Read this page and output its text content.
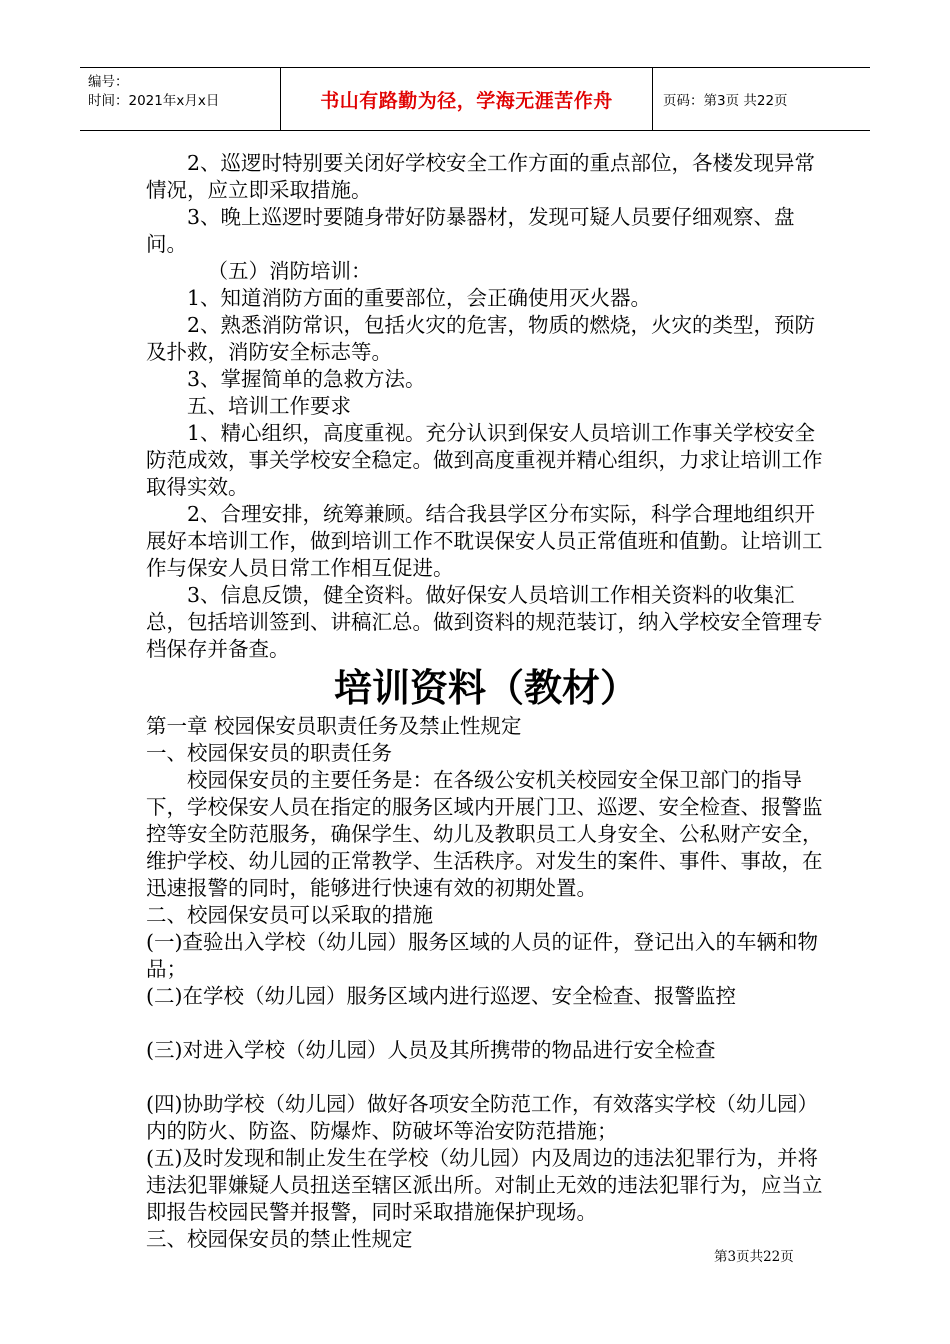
编号：
时间：2021年x月x日	书山有路勤为径，学海无涯苦作舟	页码：第3页 共22页

2、巡逻时特别要关闭好学校安全工作方面的重点部位，各楼发现异常情况，应立即采取措施。

3、晚上巡逻时要随身带好防暴器材，发现可疑人员要仔细观察、盘问。

（五）消防培训：

1、知道消防方面的重要部位，会正确使用灭火器。

2、熟悉消防常识，包括火灾的危害，物质的燃烧，火灾的类型，预防及扑救，消防安全标志等。

3、掌握简单的急救方法。

五、培训工作要求

1、精心组织，高度重视。充分认识到保安人员培训工作事关学校安全防范成效，事关学校安全稳定。做到高度重视并精心组织，力求让培训工作取得实效。

2、合理安排，统筹兼顾。结合我县学区分布实际，科学合理地组织开展好本培训工作，做到培训工作不耽误保安人员正常值班和值勤。让培训工作与保安人员日常工作相互促进。

3、信息反馈，健全资料。做好保安人员培训工作相关资料的收集汇总，包括培训签到、讲稿汇总。做到资料的规范装订，纳入学校安全管理专档保存并备查。

培训资料（教材）

第一章 校园保安员职责任务及禁止性规定

一、校园保安员的职责任务

校园保安员的主要任务是：在各级公安机关校园安全保卫部门的指导下，学校保安人员在指定的服务区域内开展门卫、巡逻、安全检查、报警监控等安全防范服务，确保学生、幼儿及教职员工人身安全、公私财产安全，维护学校、幼儿园的正常教学、生活秩序。对发生的案件、事件、事故，在迅速报警的同时，能够进行快速有效的初期处置。

二、校园保安员可以采取的措施

(一)查验出入学校（幼儿园）服务区域的人员的证件，登记出入的车辆和物品；

(二)在学校（幼儿园）服务区域内进行巡逻、安全检查、报警监控

(三)对进入学校（幼儿园）人员及其所携带的物品进行安全检查

(四)协助学校（幼儿园）做好各项安全防范工作，有效落实学校（幼儿园）内的防火、防盗、防爆炸、防破坏等治安防范措施；

(五)及时发现和制止发生在学校（幼儿园）内及周边的违法犯罪行为，并将违法犯罪嫌疑人员扭送至辖区派出所。对制止无效的违法犯罪行为，应当立即报告校园民警并报警，同时采取措施保护现场。

三、校园保安员的禁止性规定

第3页共22页
